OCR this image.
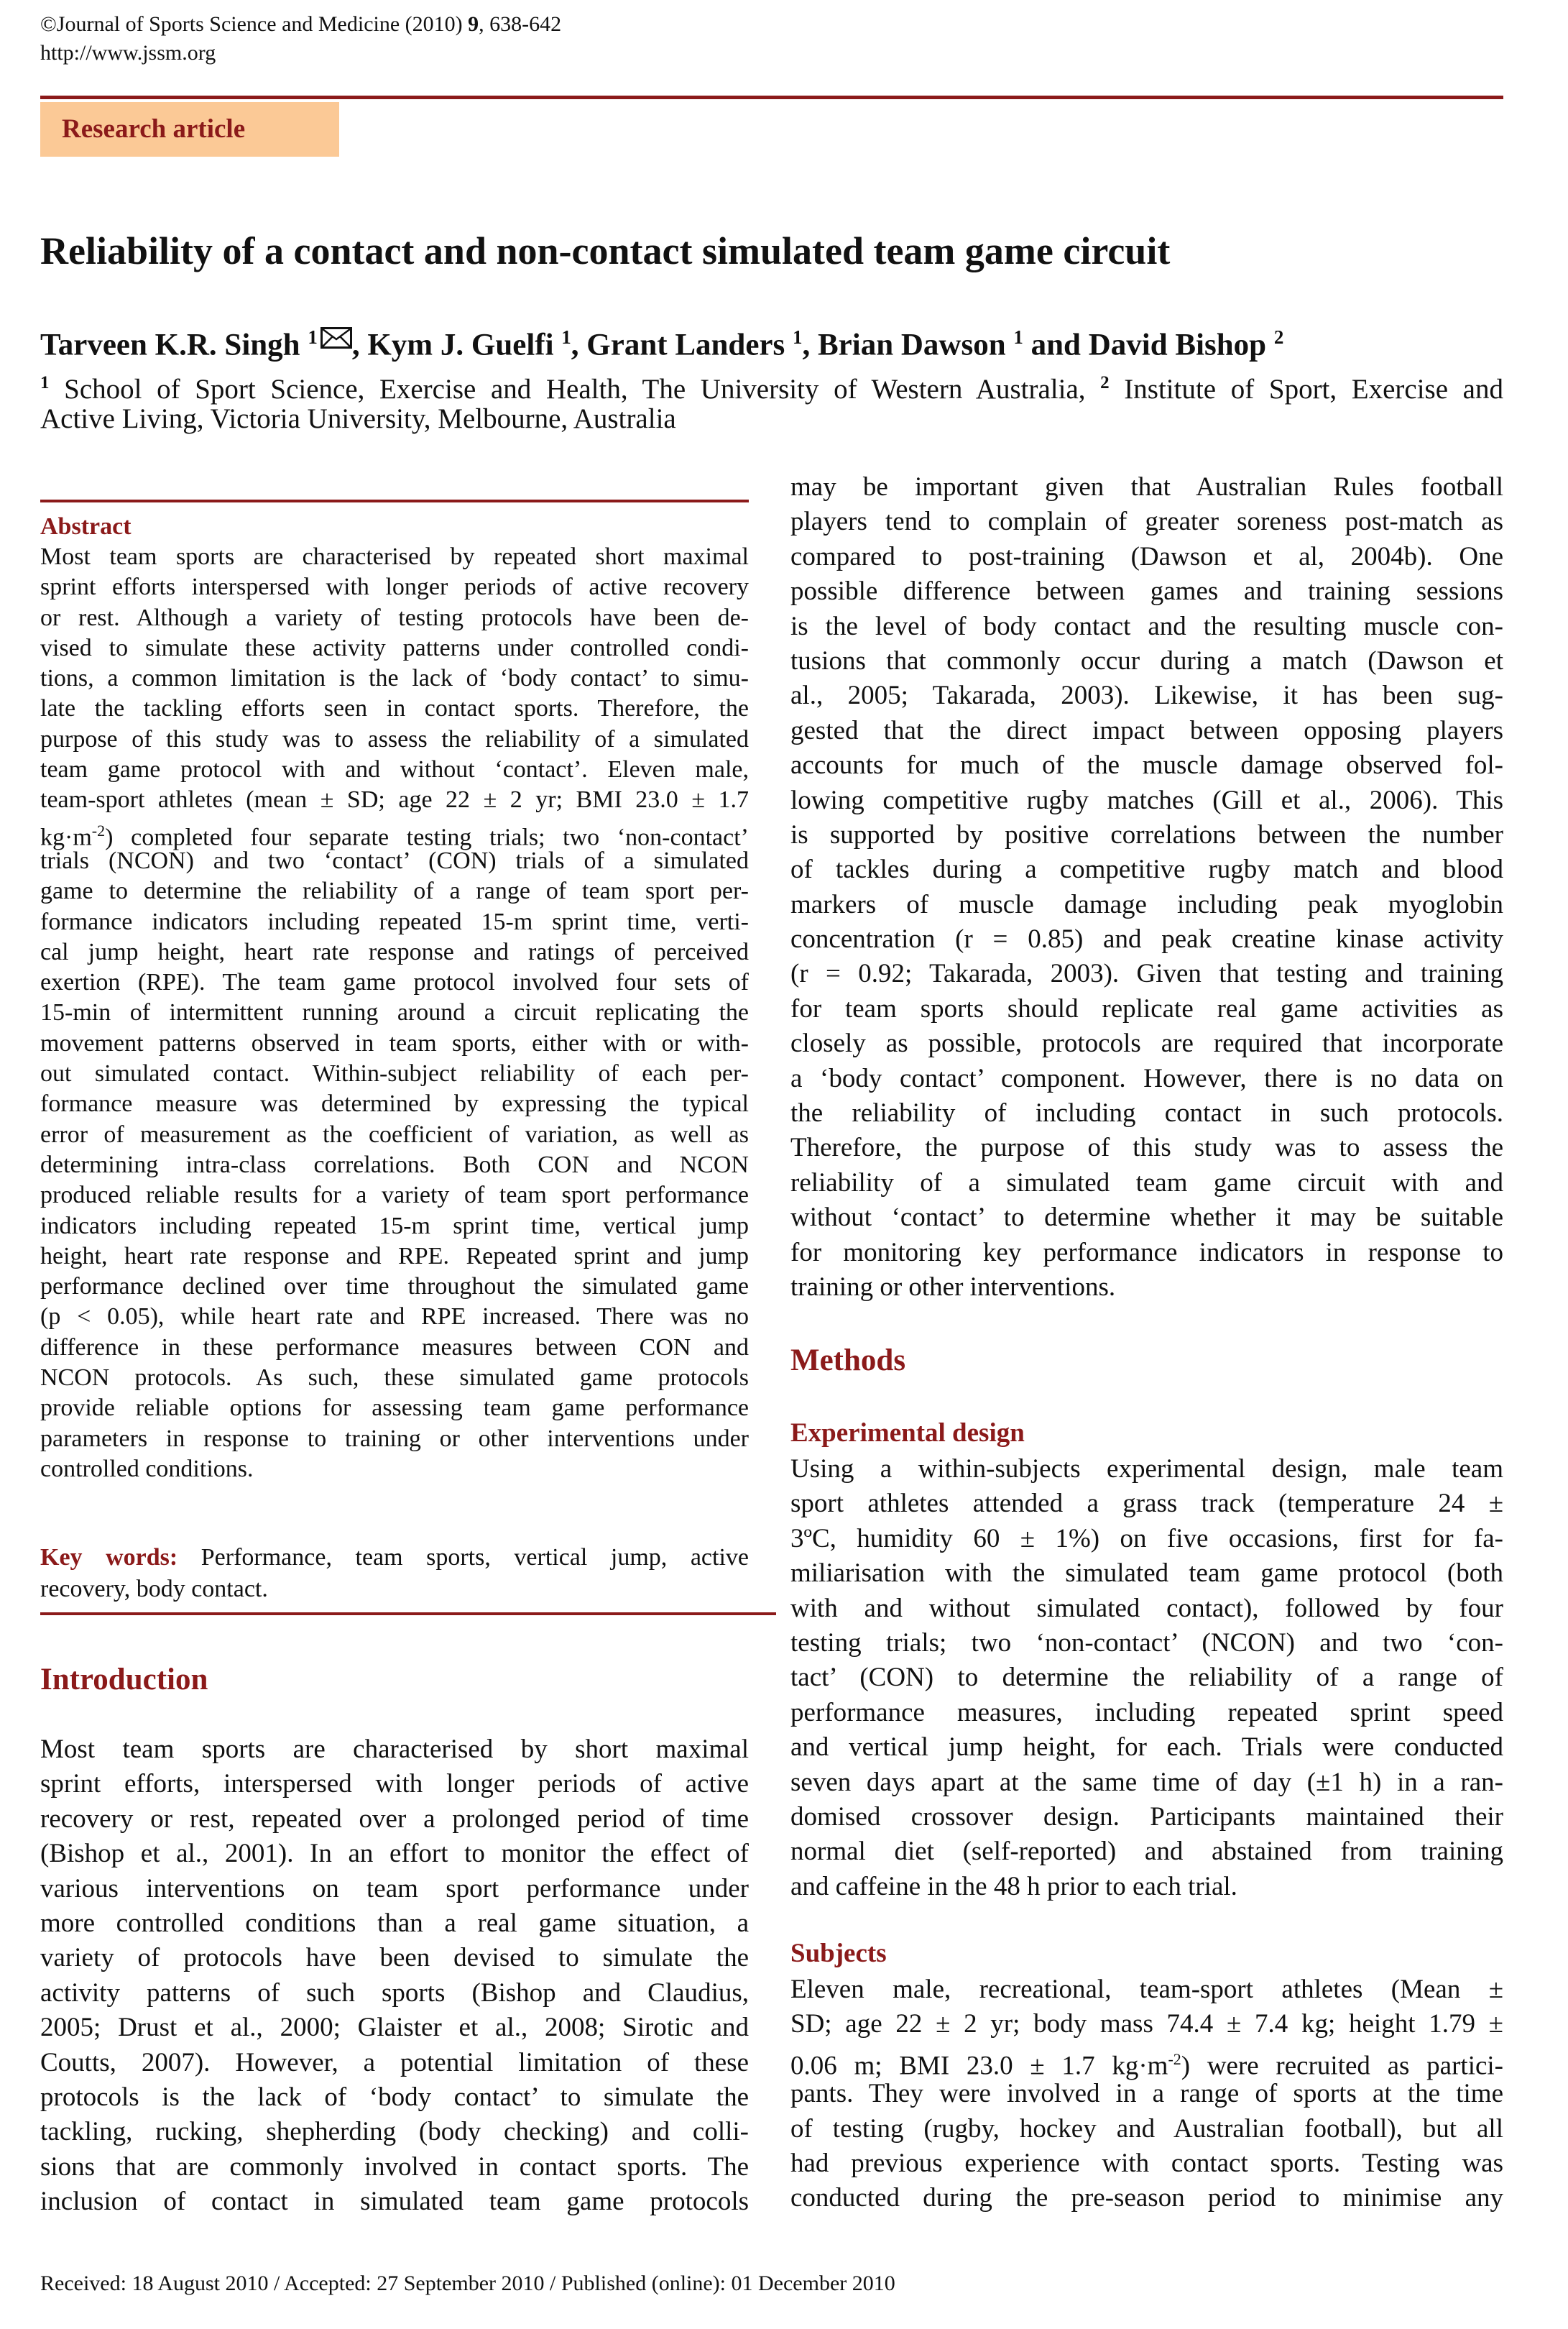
©Journal of Sports Science and Medicine (2010) 9, 638-642
http://www.jssm.org
Research article
Reliability of a contact and non-contact simulated team game circuit
Tarveen K.R. Singh $^1$ , Kym J. Guelfi $^1$, Grant Landers $^1$, Brian Dawson $^1$ and David Bishop $^2$
$^1$ School of Sport Science, Exercise and Health, The University of Western Australia, $^2$ Institute of Sport, Exercise and
Active Living, Victoria University, Melbourne, Australia
Abstract
Most team sports are characterised by repeated short maximal
sprint efforts interspersed with longer periods of active recovery
or rest. Although a variety of testing protocols have been de-
vised to simulate these activity patterns under controlled condi-
tions, a common limitation is the lack of ‘body contact’ to simu-
late the tackling efforts seen in contact sports. Therefore, the
purpose of this study was to assess the reliability of a simulated
team game protocol with and without ‘contact’. Eleven male,
team-sport athletes (mean ± SD; age 22 ± 2 yr; BMI 23.0 ± 1.7
$kg\cdot m^{-2}$) completed four separate testing trials; two ‘non-contact’
trials (NCON) and two ‘contact’ (CON) trials of a simulated
game to determine the reliability of a range of team sport per-
formance indicators including repeated 15-m sprint time, verti-
cal jump height, heart rate response and ratings of perceived
exertion (RPE). The team game protocol involved four sets of
15-min of intermittent running around a circuit replicating the
movement patterns observed in team sports, either with or with-
out simulated contact. Within-subject reliability of each per-
formance measure was determined by expressing the typical
error of measurement as the coefficient of variation, as well as
determining intra-class correlations. Both CON and NCON
produced reliable results for a variety of team sport performance
indicators including repeated 15-m sprint time, vertical jump
height, heart rate response and RPE. Repeated sprint and jump
performance declined over time throughout the simulated game
(p < 0.05), while heart rate and RPE increased. There was no
difference in these performance measures between CON and
NCON protocols. As such, these simulated game protocols
provide reliable options for assessing team game performance
parameters in response to training or other interventions under
controlled conditions.
Key words: Performance, team sports, vertical jump, active
recovery, body contact.
Introduction
Most team sports are characterised by short maximal
sprint efforts, interspersed with longer periods of active
recovery or rest, repeated over a prolonged period of time
(Bishop et al., 2001). In an effort to monitor the effect of
various interventions on team sport performance under
more controlled conditions than a real game situation, a
variety of protocols have been devised to simulate the
activity patterns of such sports (Bishop and Claudius,
2005; Drust et al., 2000; Glaister et al., 2008; Sirotic and
Coutts, 2007). However, a potential limitation of these
protocols is the lack of ‘body contact’ to simulate the
tackling, rucking, shepherding (body checking) and colli-
sions that are commonly involved in contact sports. The
inclusion of contact in simulated team game protocols
may be important given that Australian Rules football
players tend to complain of greater soreness post-match as
compared to post-training (Dawson et al, 2004b). One
possible difference between games and training sessions
is the level of body contact and the resulting muscle con-
tusions that commonly occur during a match (Dawson et
al., 2005; Takarada, 2003). Likewise, it has been sug-
gested that the direct impact between opposing players
accounts for much of the muscle damage observed fol-
lowing competitive rugby matches (Gill et al., 2006). This
is supported by positive correlations between the number
of tackles during a competitive rugby match and blood
markers of muscle damage including peak myoglobin
concentration (r = 0.85) and peak creatine kinase activity
(r = 0.92; Takarada, 2003). Given that testing and training
for team sports should replicate real game activities as
closely as possible, protocols are required that incorporate
a ‘body contact’ component. However, there is no data on
the reliability of including contact in such protocols.
Therefore, the purpose of this study was to assess the
reliability of a simulated team game circuit with and
without ‘contact’ to determine whether it may be suitable
for monitoring key performance indicators in response to
training or other interventions.
Methods
Experimental design
Using a within-subjects experimental design, male team
sport athletes attended a grass track (temperature 24 ±
3ºC, humidity 60 ± 1%) on five occasions, first for fa-
miliarisation with the simulated team game protocol (both
with and without simulated contact), followed by four
testing trials; two ‘non-contact’ (NCON) and two ‘con-
tact’ (CON) to determine the reliability of a range of
performance measures, including repeated sprint speed
and vertical jump height, for each. Trials were conducted
seven days apart at the same time of day (±1 h) in a ran-
domised crossover design. Participants maintained their
normal diet (self-reported) and abstained from training
and caffeine in the 48 h prior to each trial.
Subjects
Eleven male, recreational, team-sport athletes (Mean ±
SD; age 22 ± 2 yr; body mass 74.4 ± 7.4 kg; height 1.79 ±
0.06 m; BMI 23.0 ± 1.7 $kg\cdot m^{-2}$) were recruited as partici-
pants. They were involved in a range of sports at the time
of testing (rugby, hockey and Australian football), but all
had previous experience with contact sports. Testing was
conducted during the pre-season period to minimise any
Received: 18 August 2010 / Accepted: 27 September 2010 / Published (online): 01 December 2010
